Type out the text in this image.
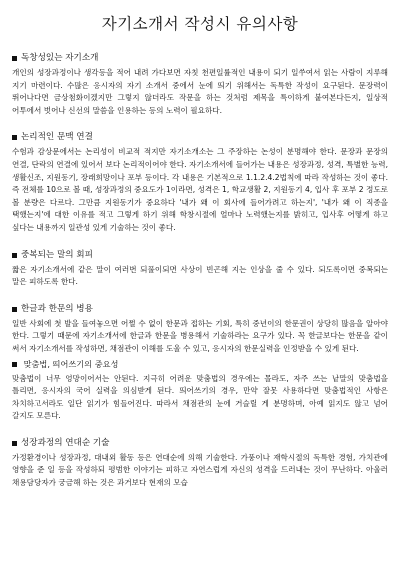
자기소개서 작성시 유의사항
독창성있는 자기소개

개인의 성장과정이나 생각등을 적어 내려 가다보면 자칫 천편일률적인 내용이 되기 일쑤여서 읽는 사람이 지루해 지기 마련이다. 수많은 응시자의 자기 소개서 중에서 눈에 띄기 위해서는 독특한 작성이 요구된다. 문장력이 뛰어나다면 금상첨화이겠지만 그렇지 않더라도 작문을 하는 것처럼 제목을 특이하게 붙여본다든지, 일상적 어투에서 벗어나 신선의 말씀을 인용하는 등의 노력이 필요하다.

논리적인 문맥 연결

수험과 감상문에서는 논리성이 비교적 적지만 자기소개소는 그 주장하는 논성이 분명해야 한다. 문장과 문장의 연결, 단락의 연결에 있어서 보다 논리적이어야 한다. 자기소개서에 들어가는 내용은 성장과정, 성격, 특별한 능력, 생활신조, 지원동기, 장래희망이나 포부 등이다. 각 내용은 기본적으로 1.1.2.4.2법칙에 따라 작성하는 것이 좋다. 즉 전체를 10으로 볼 때, 성장과정의 중요도가 1이라면, 성격은 1, 학교생활 2, 지원동기 4, 입사 후 포부 2 정도로 볼 분량은 다르다. 그만큼 지원동기가 중요하다 '내가 왜 이 회사에 들어가려고 하는지', '내가 왜 이 직종을 택했는지'에 대한 이유를 적고 그렇게 하기 위해 학창시절에 얼마나 노력했는지를 밝히고, 입사후 어떻게 하고 싶다는 내용까지 일관성 있게 기술하는 것이 좋다.

중복되는 말의 회피

짧은 자기소개서에 같은 말이 여러번 되풀이되면 사상이 빈곤해 지는 인상을 줄 수 있다. 되도록이면 중복되는 말은 피하도록 한다.

한글과 한문의 병용

일반 사회에 첫 발을 들여놓으면 어쩔 수 없이 한문과 접하는 기회, 특히 중년이의 한문권이 상당히 많음을 알아야 한다. 그렇기 때문에 자기소개서에 한글과 한문을 병용해서 기술하라는 요구가 있다. 꼭 한글보다는 한문을 같이 써서 자기소개서를 작성하면, 채점관이 이해를 도울 수 있고, 응시자의 한문실력을 인정받을 수 있게 된다.

맞춤법, 띄어쓰기의 중요성

맞춤법이 너무 엉망이어서는 안된다. 지극히 어려운 맞춤법의 경우에는 몰라도, 자주 쓰는 낱말의 맞춤법을 틀리면, 응시자의 국어 실력을 의심받게 된다. 띄어쓰기의 경우, 만약 잘못 사용하다면 맞춤법적인 사항은 차치하고서라도 일단 읽기가 힘들어진다. 따라서 채점관의 눈에 거슬릴 게 분명하며, 아예 읽지도 않고 넘어 갈지도 모른다.

성장과정의 연대순 기술

가정환경이나 성장과정, 대내외 활동 등은 연대순에 의해 기술한다. 가풍이나 재학시절의 독특한 경험, 가치관에 영향을 준 일 등을 작성하되 평범한 이야기는 피하고 자연스럽게 자신의 성격을 드러내는 것이 무난하다. 아울러 채용담당자가 궁금해 하는 것은 과거보다 현재의 모습
